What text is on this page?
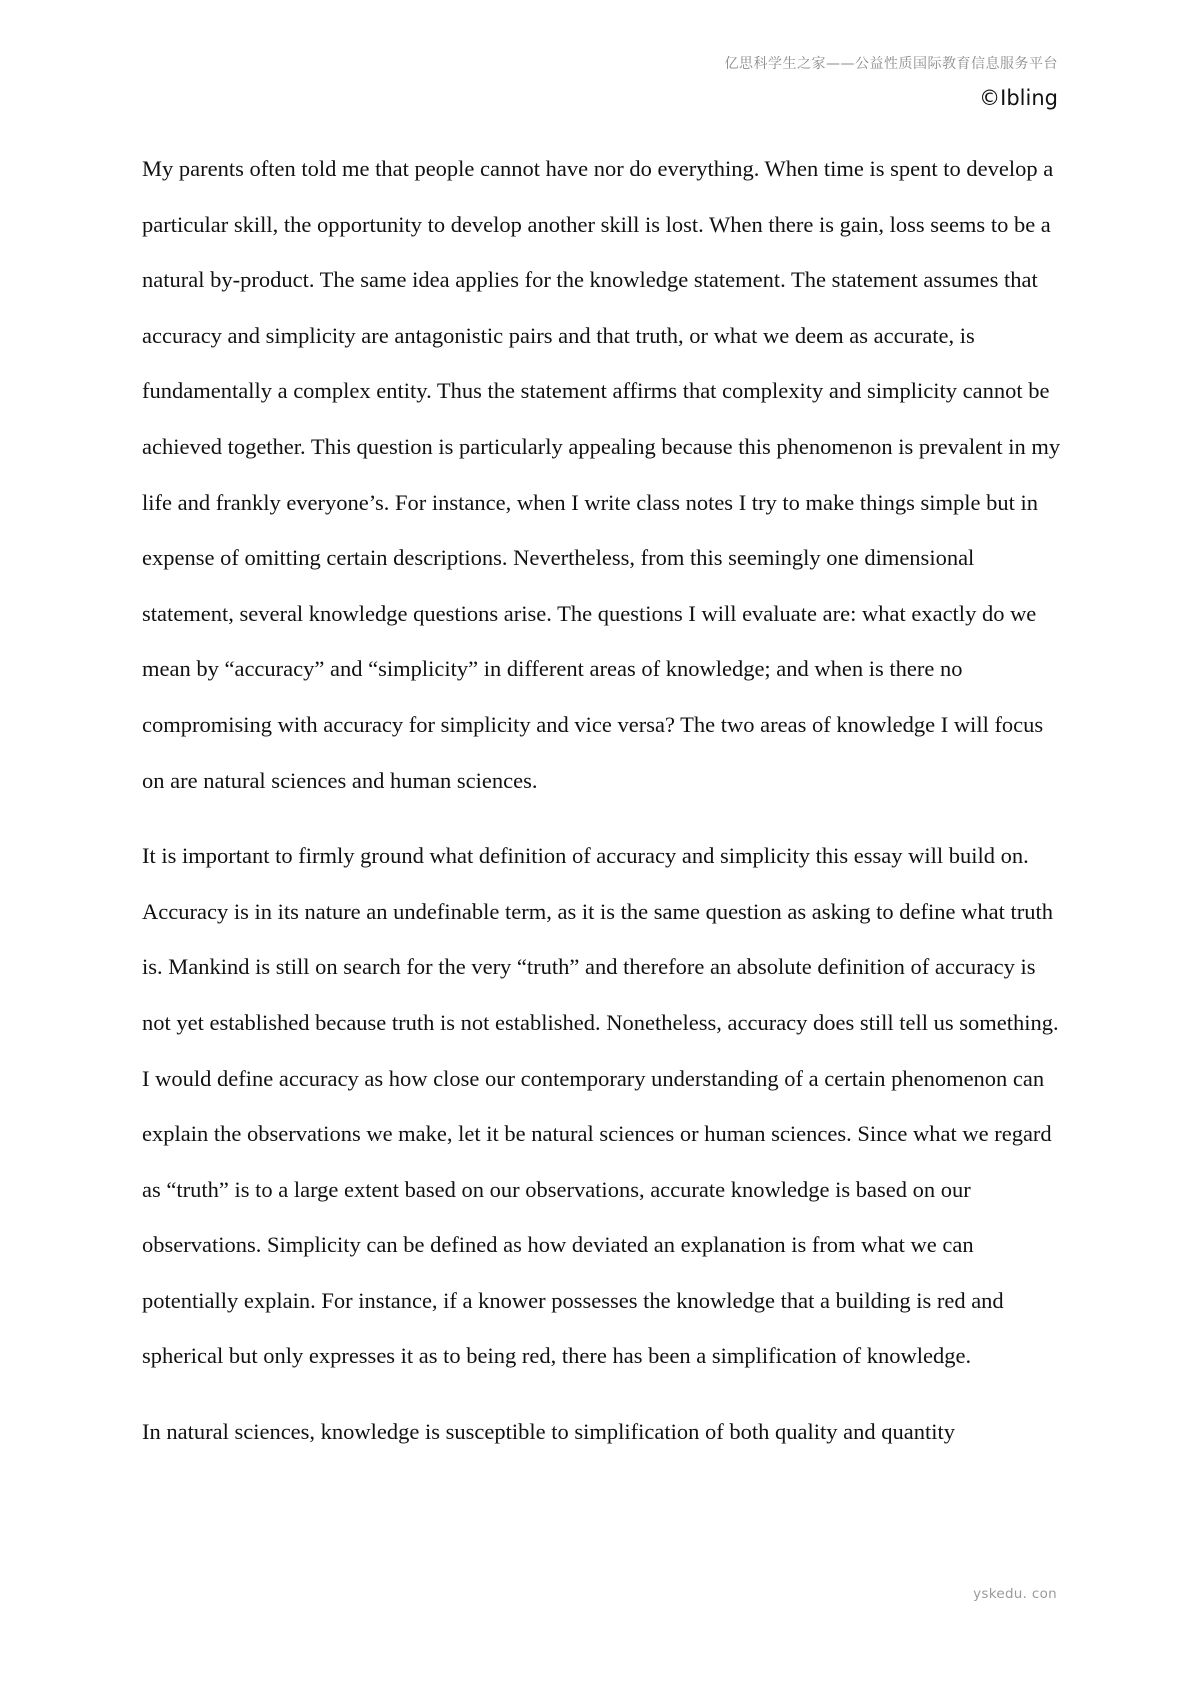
亿思科学生之家——公益性质国际教育信息服务平台
©Ibling

My parents often told me that people cannot have nor do everything. When time is spent to develop a particular skill, the opportunity to develop another skill is lost. When there is gain, loss seems to be a natural by-product. The same idea applies for the knowledge statement. The statement assumes that accuracy and simplicity are antagonistic pairs and that truth, or what we deem as accurate, is fundamentally a complex entity. Thus the statement affirms that complexity and simplicity cannot be achieved together. This question is particularly appealing because this phenomenon is prevalent in my life and frankly everyone’s. For instance, when I write class notes I try to make things simple but in expense of omitting certain descriptions. Nevertheless, from this seemingly one dimensional statement, several knowledge questions arise. The questions I will evaluate are: what exactly do we mean by “accuracy” and “simplicity” in different areas of knowledge; and when is there no compromising with accuracy for simplicity and vice versa? The two areas of knowledge I will focus on are natural sciences and human sciences.

It is important to firmly ground what definition of accuracy and simplicity this essay will build on. Accuracy is in its nature an undefinable term, as it is the same question as asking to define what truth is. Mankind is still on search for the very “truth” and therefore an absolute definition of accuracy is not yet established because truth is not established. Nonetheless, accuracy does still tell us something. I would define accuracy as how close our contemporary understanding of a certain phenomenon can explain the observations we make, let it be natural sciences or human sciences. Since what we regard as “truth” is to a large extent based on our observations, accurate knowledge is based on our observations. Simplicity can be defined as how deviated an explanation is from what we can potentially explain. For instance, if a knower possesses the knowledge that a building is red and spherical but only expresses it as to being red, there has been a simplification of knowledge.

In natural sciences, knowledge is susceptible to simplification of both quality and quantity

yskedu. con
